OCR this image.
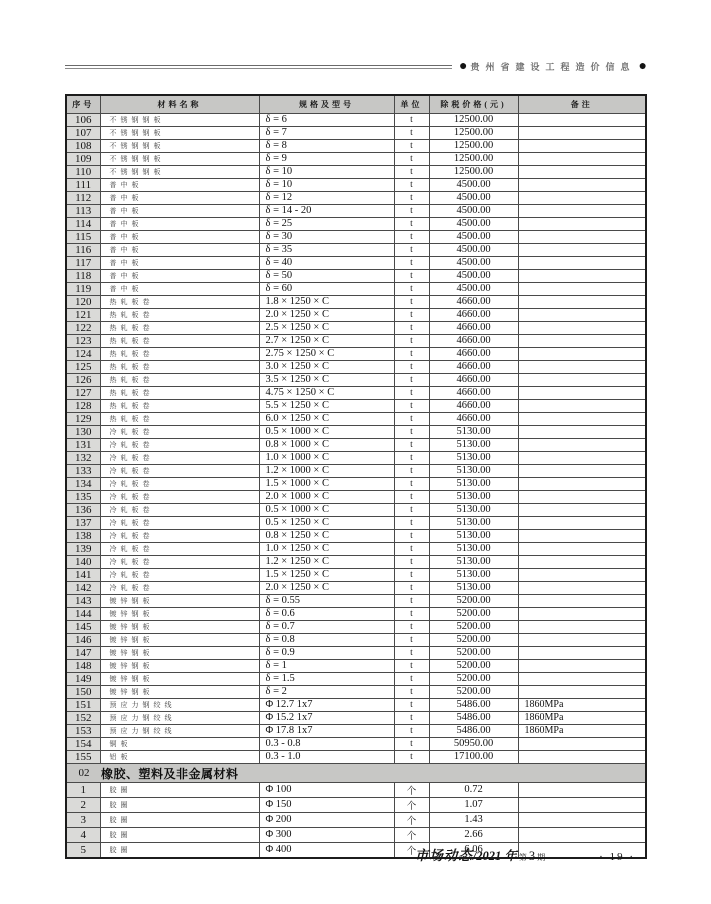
● 贵州省建设工程造价信息 ●
序号	材料名称	规格及型号	单位	除税价格(元)	备注
106	不锈钢钢板	δ = 6	t	12500.00	
107	不锈钢钢板	δ = 7	t	12500.00	
108	不锈钢钢板	δ = 8	t	12500.00	
109	不锈钢钢板	δ = 9	t	12500.00	
110	不锈钢钢板	δ = 10	t	12500.00	
111	普中板	δ = 10	t	4500.00	
112	普中板	δ = 12	t	4500.00	
113	普中板	δ = 14 - 20	t	4500.00	
114	普中板	δ = 25	t	4500.00	
115	普中板	δ = 30	t	4500.00	
116	普中板	δ = 35	t	4500.00	
117	普中板	δ = 40	t	4500.00	
118	普中板	δ = 50	t	4500.00	
119	普中板	δ = 60	t	4500.00	
120	热轧板卷	1.8 × 1250 × C	t	4660.00	
121	热轧板卷	2.0 × 1250 × C	t	4660.00	
122	热轧板卷	2.5 × 1250 × C	t	4660.00	
123	热轧板卷	2.7 × 1250 × C	t	4660.00	
124	热轧板卷	2.75 × 1250 × C	t	4660.00	
125	热轧板卷	3.0 × 1250 × C	t	4660.00	
126	热轧板卷	3.5 × 1250 × C	t	4660.00	
127	热轧板卷	4.75 × 1250 × C	t	4660.00	
128	热轧板卷	5.5 × 1250 × C	t	4660.00	
129	热轧板卷	6.0 × 1250 × C	t	4660.00	
130	冷轧板卷	0.5 × 1000 × C	t	5130.00	
131	冷轧板卷	0.8 × 1000 × C	t	5130.00	
132	冷轧板卷	1.0 × 1000 × C	t	5130.00	
133	冷轧板卷	1.2 × 1000 × C	t	5130.00	
134	冷轧板卷	1.5 × 1000 × C	t	5130.00	
135	冷轧板卷	2.0 × 1000 × C	t	5130.00	
136	冷轧板卷	0.5 × 1000 × C	t	5130.00	
137	冷轧板卷	0.5 × 1250 × C	t	5130.00	
138	冷轧板卷	0.8 × 1250 × C	t	5130.00	
139	冷轧板卷	1.0 × 1250 × C	t	5130.00	
140	冷轧板卷	1.2 × 1250 × C	t	5130.00	
141	冷轧板卷	1.5 × 1250 × C	t	5130.00	
142	冷轧板卷	2.0 × 1250 × C	t	5130.00	
143	镀锌钢板	δ = 0.55	t	5200.00	
144	镀锌钢板	δ = 0.6	t	5200.00	
145	镀锌钢板	δ = 0.7	t	5200.00	
146	镀锌钢板	δ = 0.8	t	5200.00	
147	镀锌钢板	δ = 0.9	t	5200.00	
148	镀锌钢板	δ = 1	t	5200.00	
149	镀锌钢板	δ = 1.5	t	5200.00	
150	镀锌钢板	δ = 2	t	5200.00	
151	预应力钢绞线	Φ 12.7 1x7	t	5486.00	1860MPa
152	预应力钢绞线	Φ 15.2 1x7	t	5486.00	1860MPa
153	预应力钢绞线	Φ 17.8 1x7	t	5486.00	1860MPa
154	铜板	0.3 - 0.8	t	50950.00	
155	铝板	0.3 - 1.0	t	17100.00	
02 橡胶、塑料及非金属材料					
1	胶圈	Φ 100	个	0.72	
2	胶圈	Φ 150	个	1.07	
3	胶圈	Φ 200	个	1.43	
4	胶圈	Φ 300	个	2.66	
5	胶圈	Φ 400	个	6.06	
市场动态 /2021 年 第 3 期	· 19 ·
